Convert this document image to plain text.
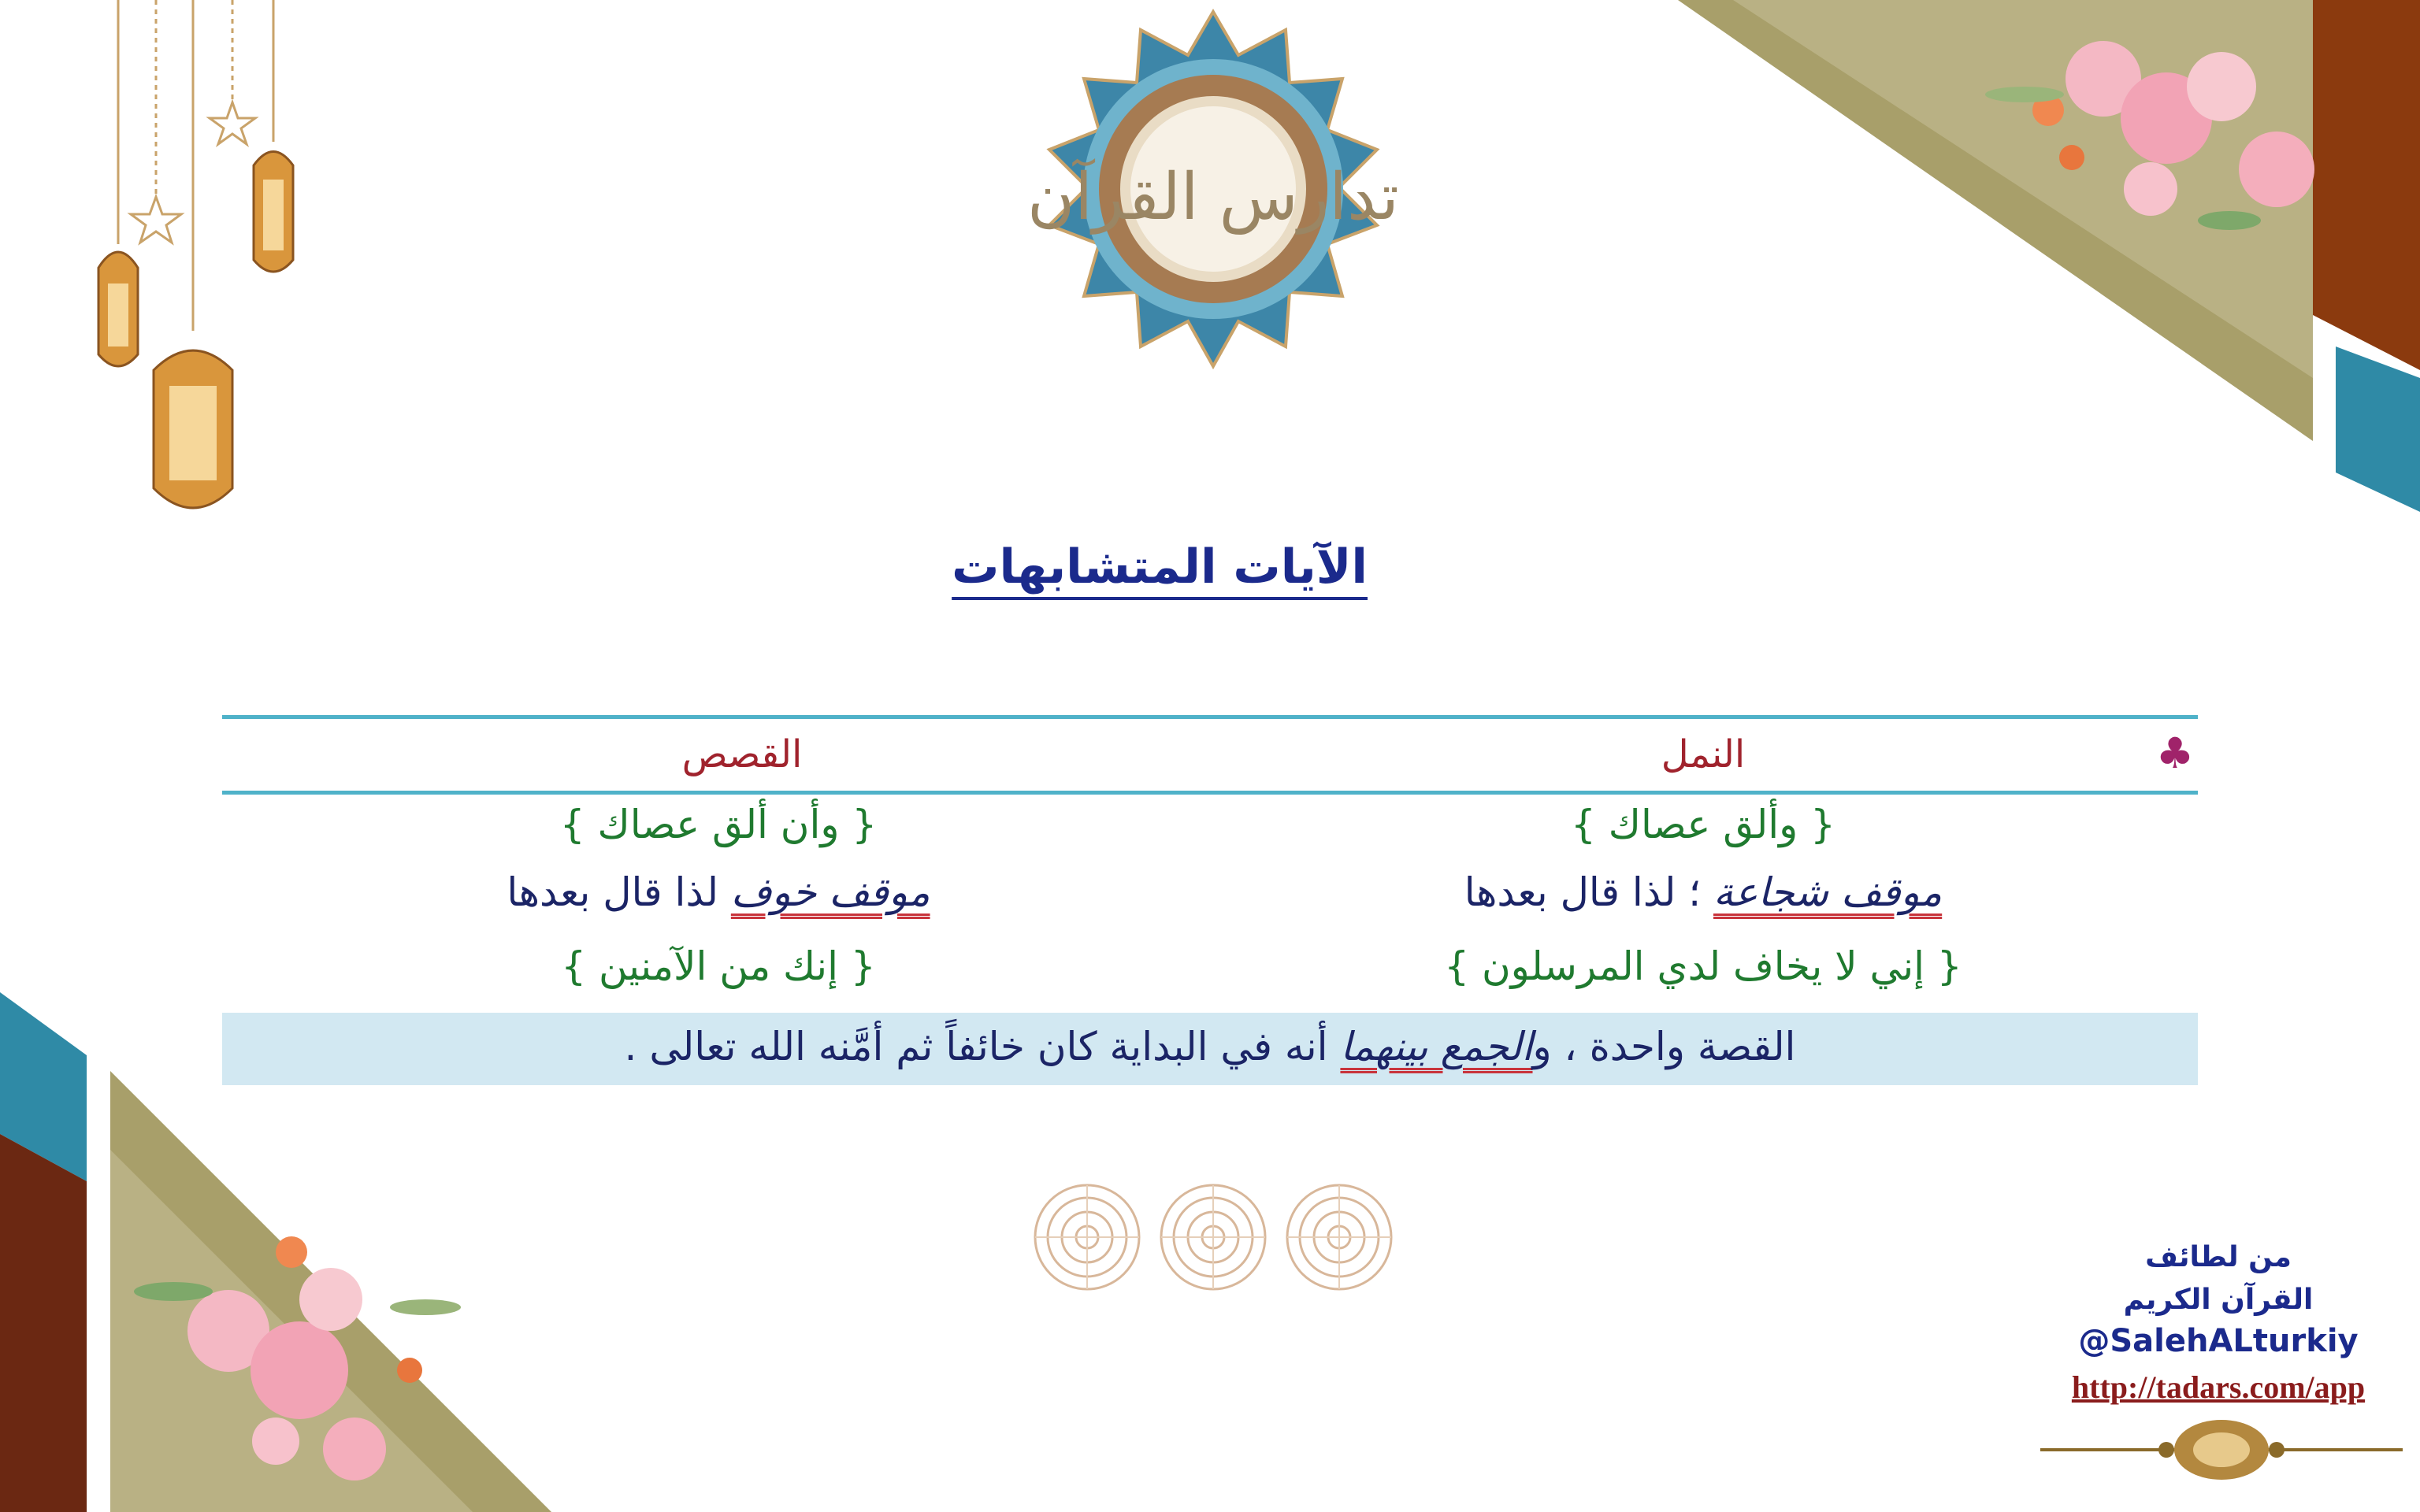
تدارس القرآن
الآيات المتشابهات
♣
النمل
القصص
{ وألق عصاك }
موقف شجاعة ؛ لذا قال بعدها
{ إني لا يخاف لدي المرسلون }
{ وأن ألق عصاك }
موقف خوف لذا قال بعدها
{ إنك من الآمنين }
القصة واحدة ، والجمع بينهما أنه في البداية كان خائفاً ثم أمَّنه الله تعالى .
من لطائف
القرآن الكريم
@SalehALturkiy
http://tadars.com/app
